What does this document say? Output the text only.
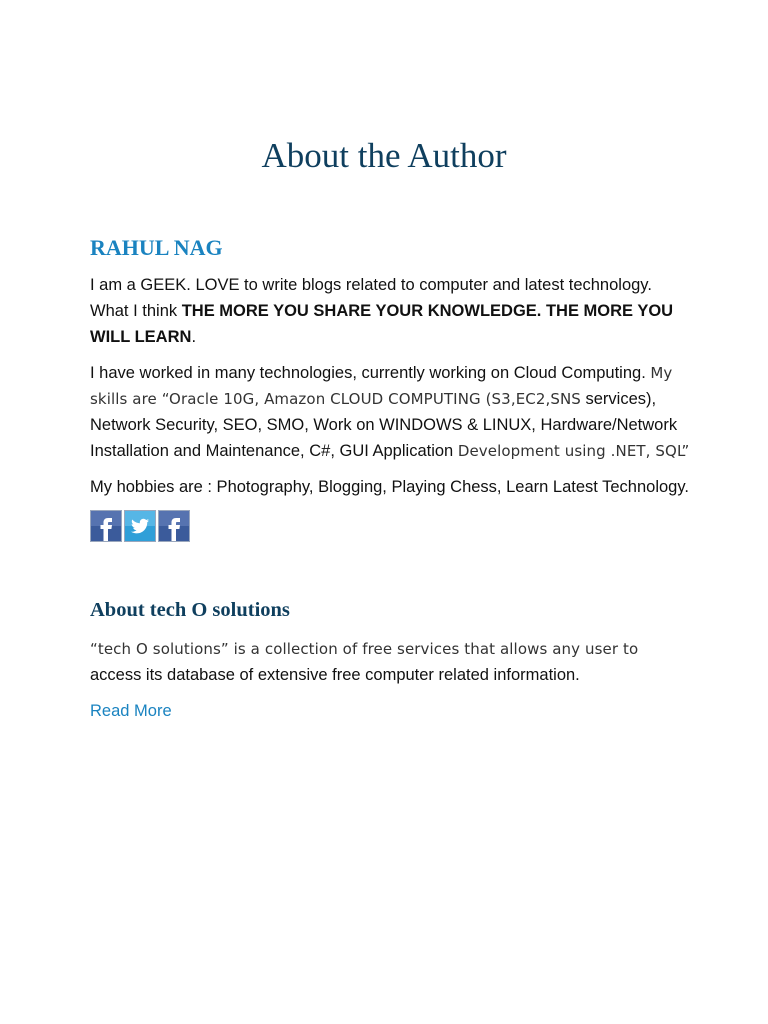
About the Author
RAHUL NAG

I am a GEEK. LOVE to write blogs related to computer and latest technology. What I think THE MORE YOU SHARE YOUR KNOWLEDGE. THE MORE YOU WILL LEARN.

I have worked in many technologies, currently working on Cloud Computing. My skills are “Oracle 10G, Amazon CLOUD COMPUTING (S3,EC2,SNS services), Network Security, SEO, SMO, Work on WINDOWS & LINUX, Hardware/Network Installation and Maintenance, C#, GUI Application Development using .NET, SQL”

My hobbies are : Photography, Blogging, Playing Chess, Learn Latest Technology.

About tech O solutions

“tech O solutions” is a collection of free services that allows any user to access its database of extensive free computer related information.

Read More
